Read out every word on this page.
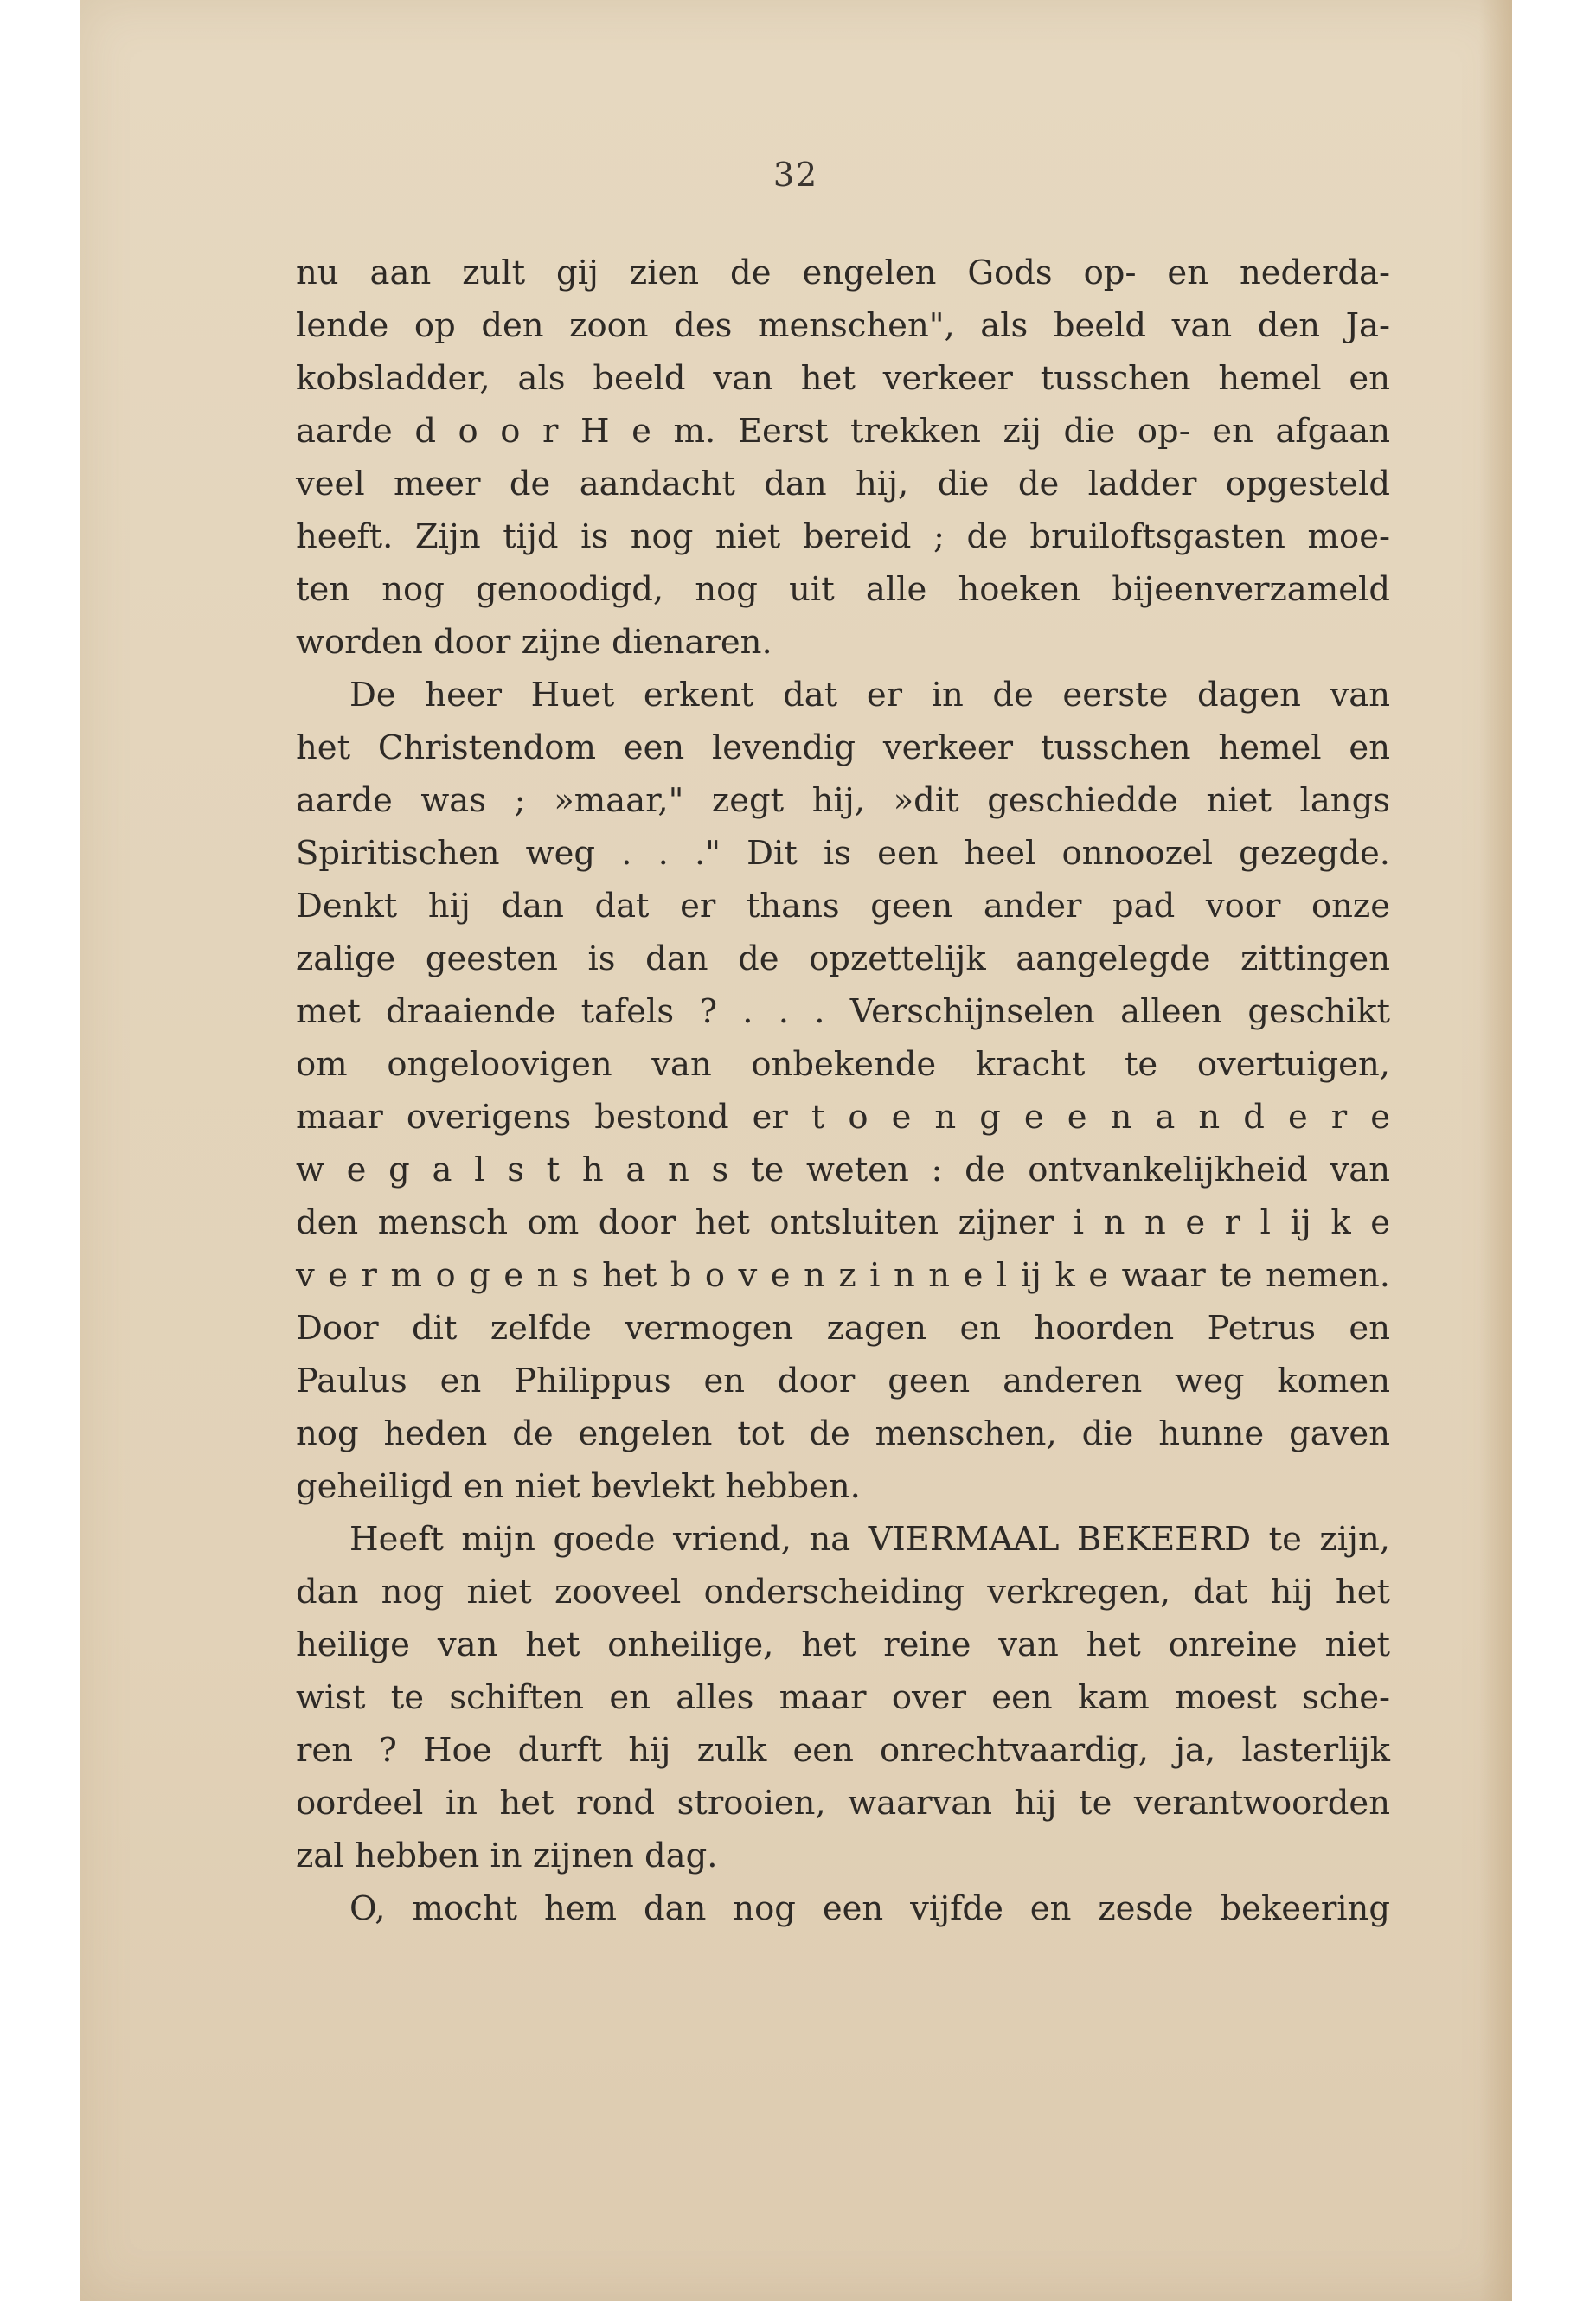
32
nu aan zult gij zien de engelen Gods op- en nederda-
lende op den zoon des menschen", als beeld van den Ja-
kobsladder, als beeld van het verkeer tusschen hemel en
aarde d o o r H e m. Eerst trekken zij die op- en afgaan
veel meer de aandacht dan hij, die de ladder opgesteld
heeft. Zijn tijd is nog niet bereid ; de bruiloftsgasten moe-
ten nog genoodigd, nog uit alle hoeken bijeenverzameld
worden door zijne dienaren.
De heer Huet erkent dat er in de eerste dagen van
het Christendom een levendig verkeer tusschen hemel en
aarde was ; »maar," zegt hij, »dit geschiedde niet langs
Spiritischen weg . . ." Dit is een heel onnoozel gezegde.
Denkt hij dan dat er thans geen ander pad voor onze
zalige geesten is dan de opzettelijk aangelegde zittingen
met draaiende tafels ? . . . Verschijnselen alleen geschikt
om ongeloovigen van onbekende kracht te overtuigen,
maar overigens bestond er t o e n g e e n a n d e r e
w e g a l s t h a n s te weten : de ontvankelijkheid van
den mensch om door het ontsluiten zijner i n n e r l ij k e
v e r m o g e n s het b o v e n z i n n e l ij k e waar te nemen.
Door dit zelfde vermogen zagen en hoorden Petrus en
Paulus en Philippus en door geen anderen weg komen
nog heden de engelen tot de menschen, die hunne gaven
geheiligd en niet bevlekt hebben.
Heeft mijn goede vriend, na VIERMAAL BEKEERD te zijn,
dan nog niet zooveel onderscheiding verkregen, dat hij het
heilige van het onheilige, het reine van het onreine niet
wist te schiften en alles maar over een kam moest sche-
ren ? Hoe durft hij zulk een onrechtvaardig, ja, lasterlijk
oordeel in het rond strooien, waarvan hij te verantwoorden
zal hebben in zijnen dag.
O, mocht hem dan nog een vijfde en zesde bekeering
